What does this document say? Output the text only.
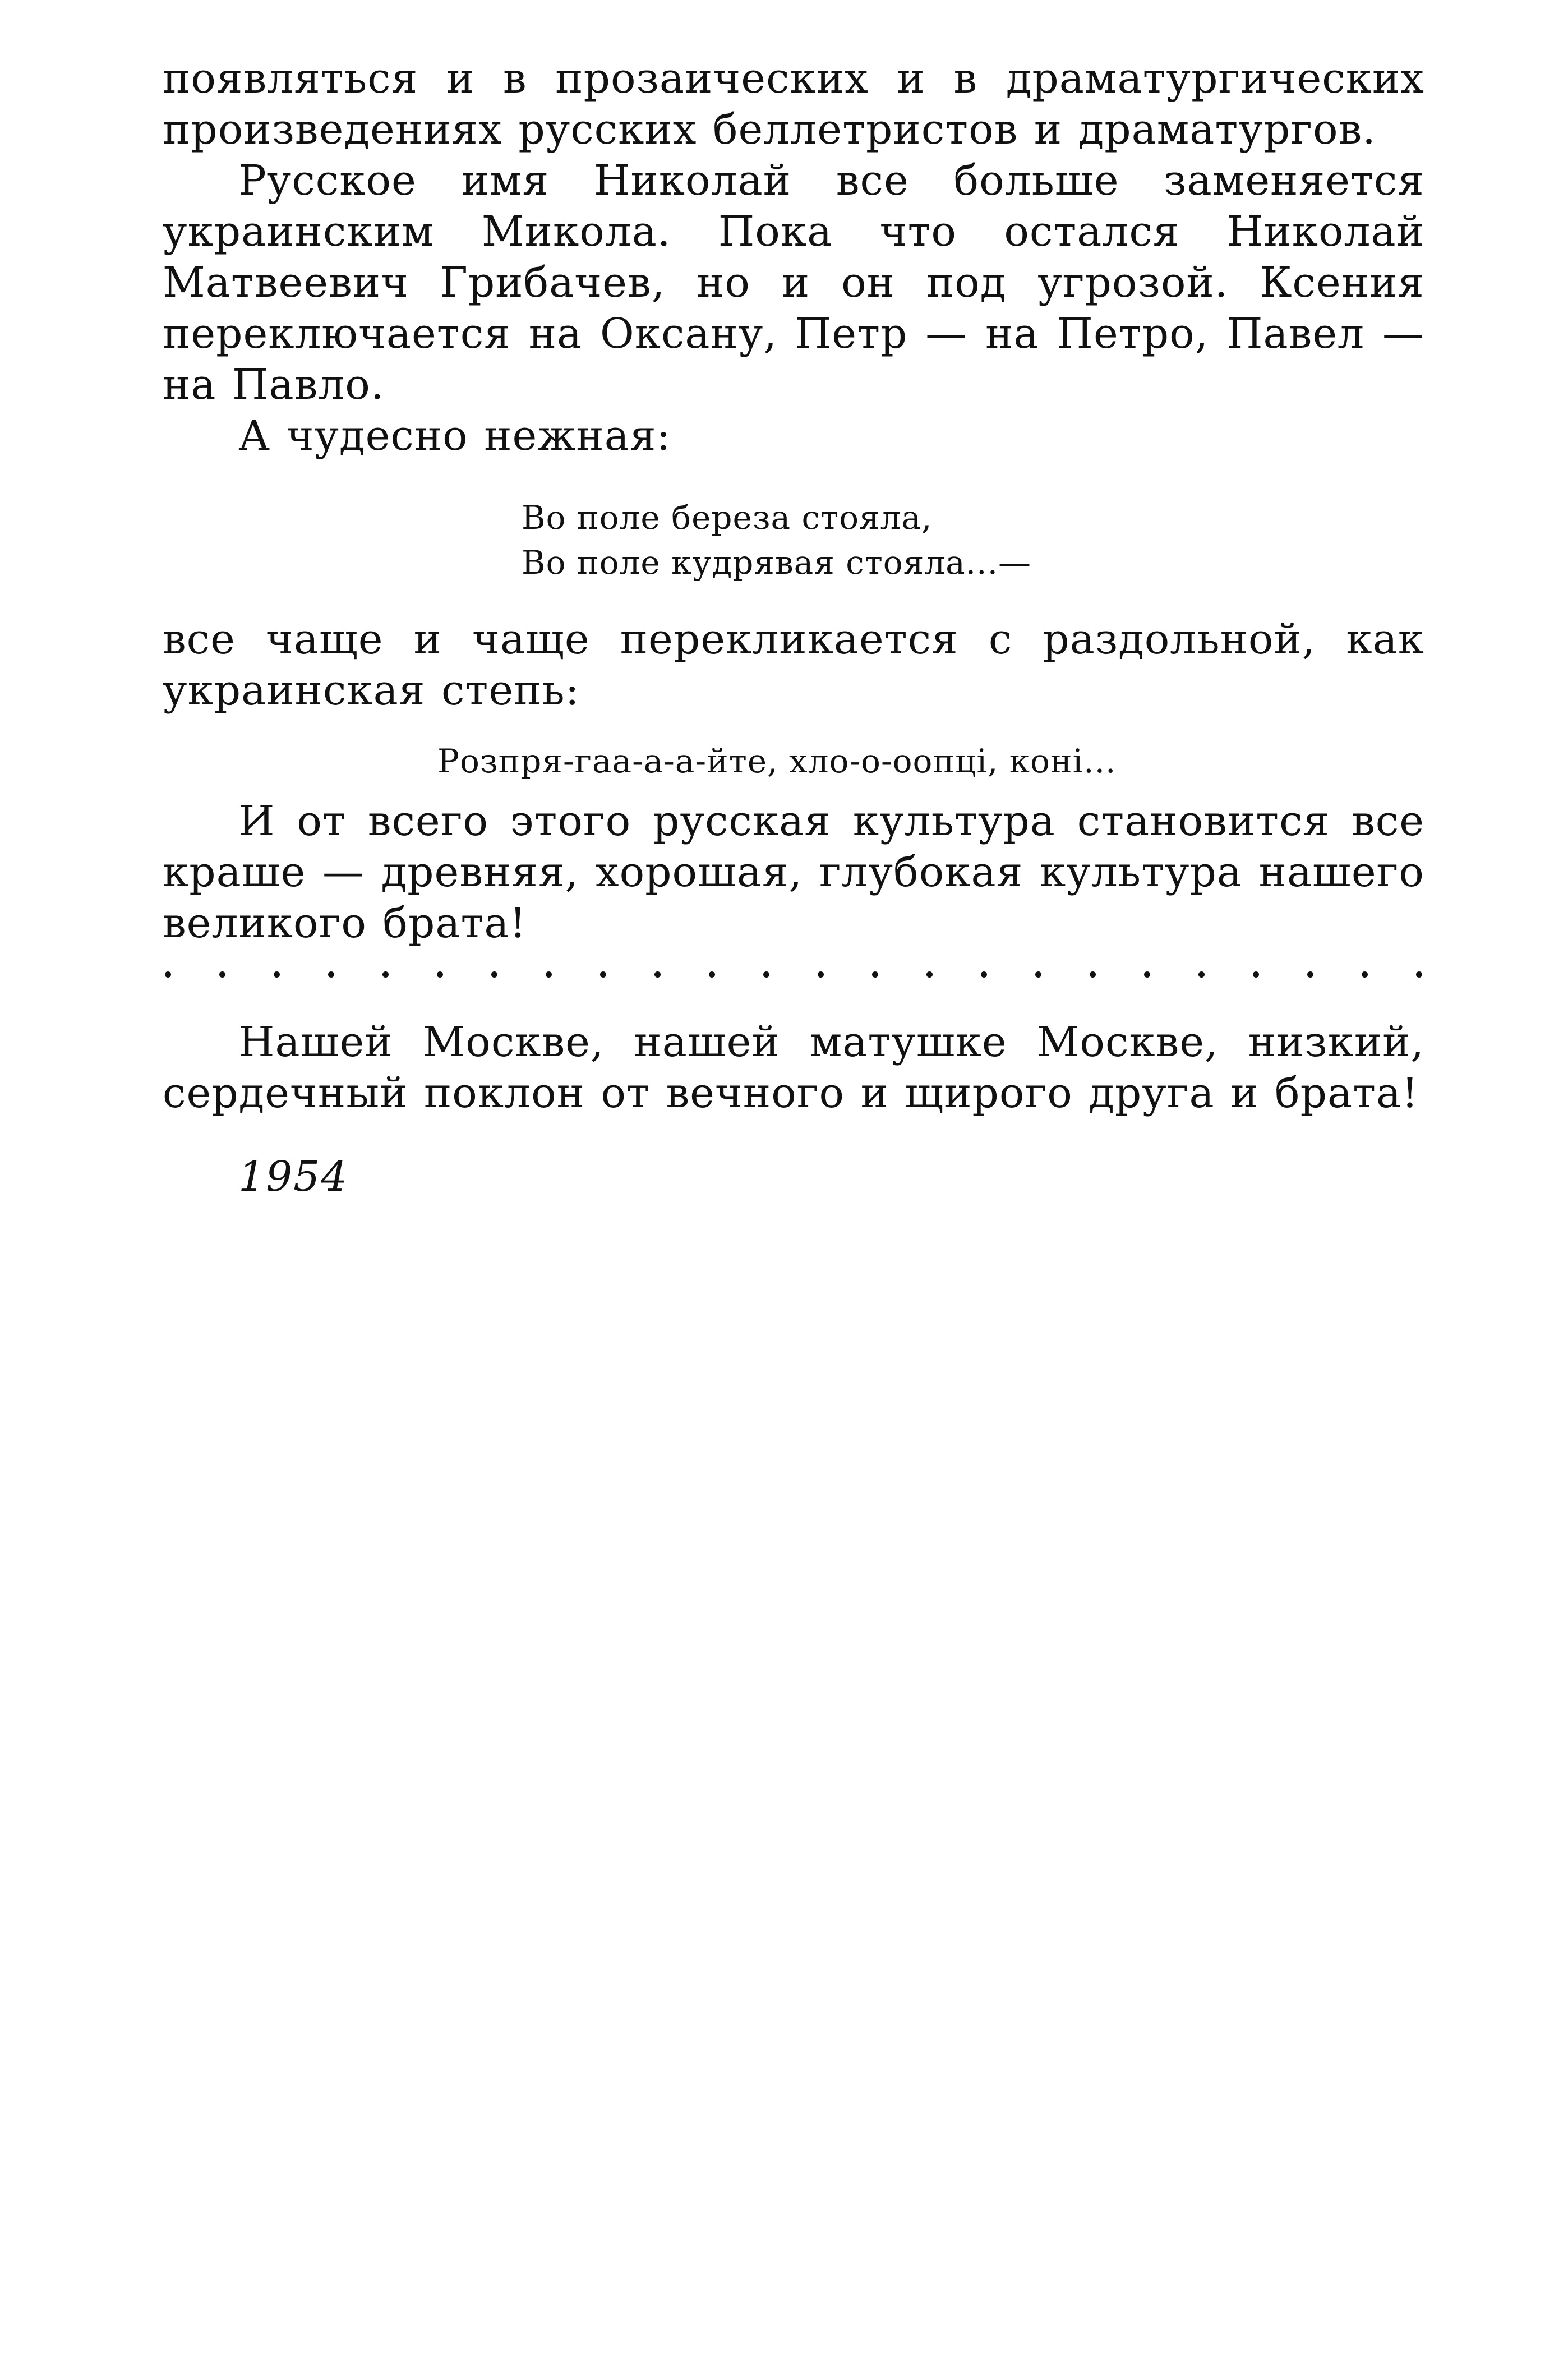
появляться и в прозаических и в драматургических произведениях русских беллетристов и драматургов.

Русское имя Николай все больше заменяется украинским Микола. Пока что остался Николай Матвеевич Грибачев, но и он под угрозой. Ксения переключается на Оксану, Петр — на Петро, Павел — на Павло.

А чудесно нежная:

Во поле береза стояла,

Во поле кудрявая стояла...—

все чаще и чаще перекликается с раздольной, как украинская степь:

Розпря-гаа-а-а-йте, хло-о-оопці, коні...

И от всего этого русская культура становится все краше — древняя, хорошая, глубокая культура нашего великого брата!

Нашей Москве, нашей матушке Москве, низкий, сердечный поклон от вечного и щирого друга и брата!

1954
